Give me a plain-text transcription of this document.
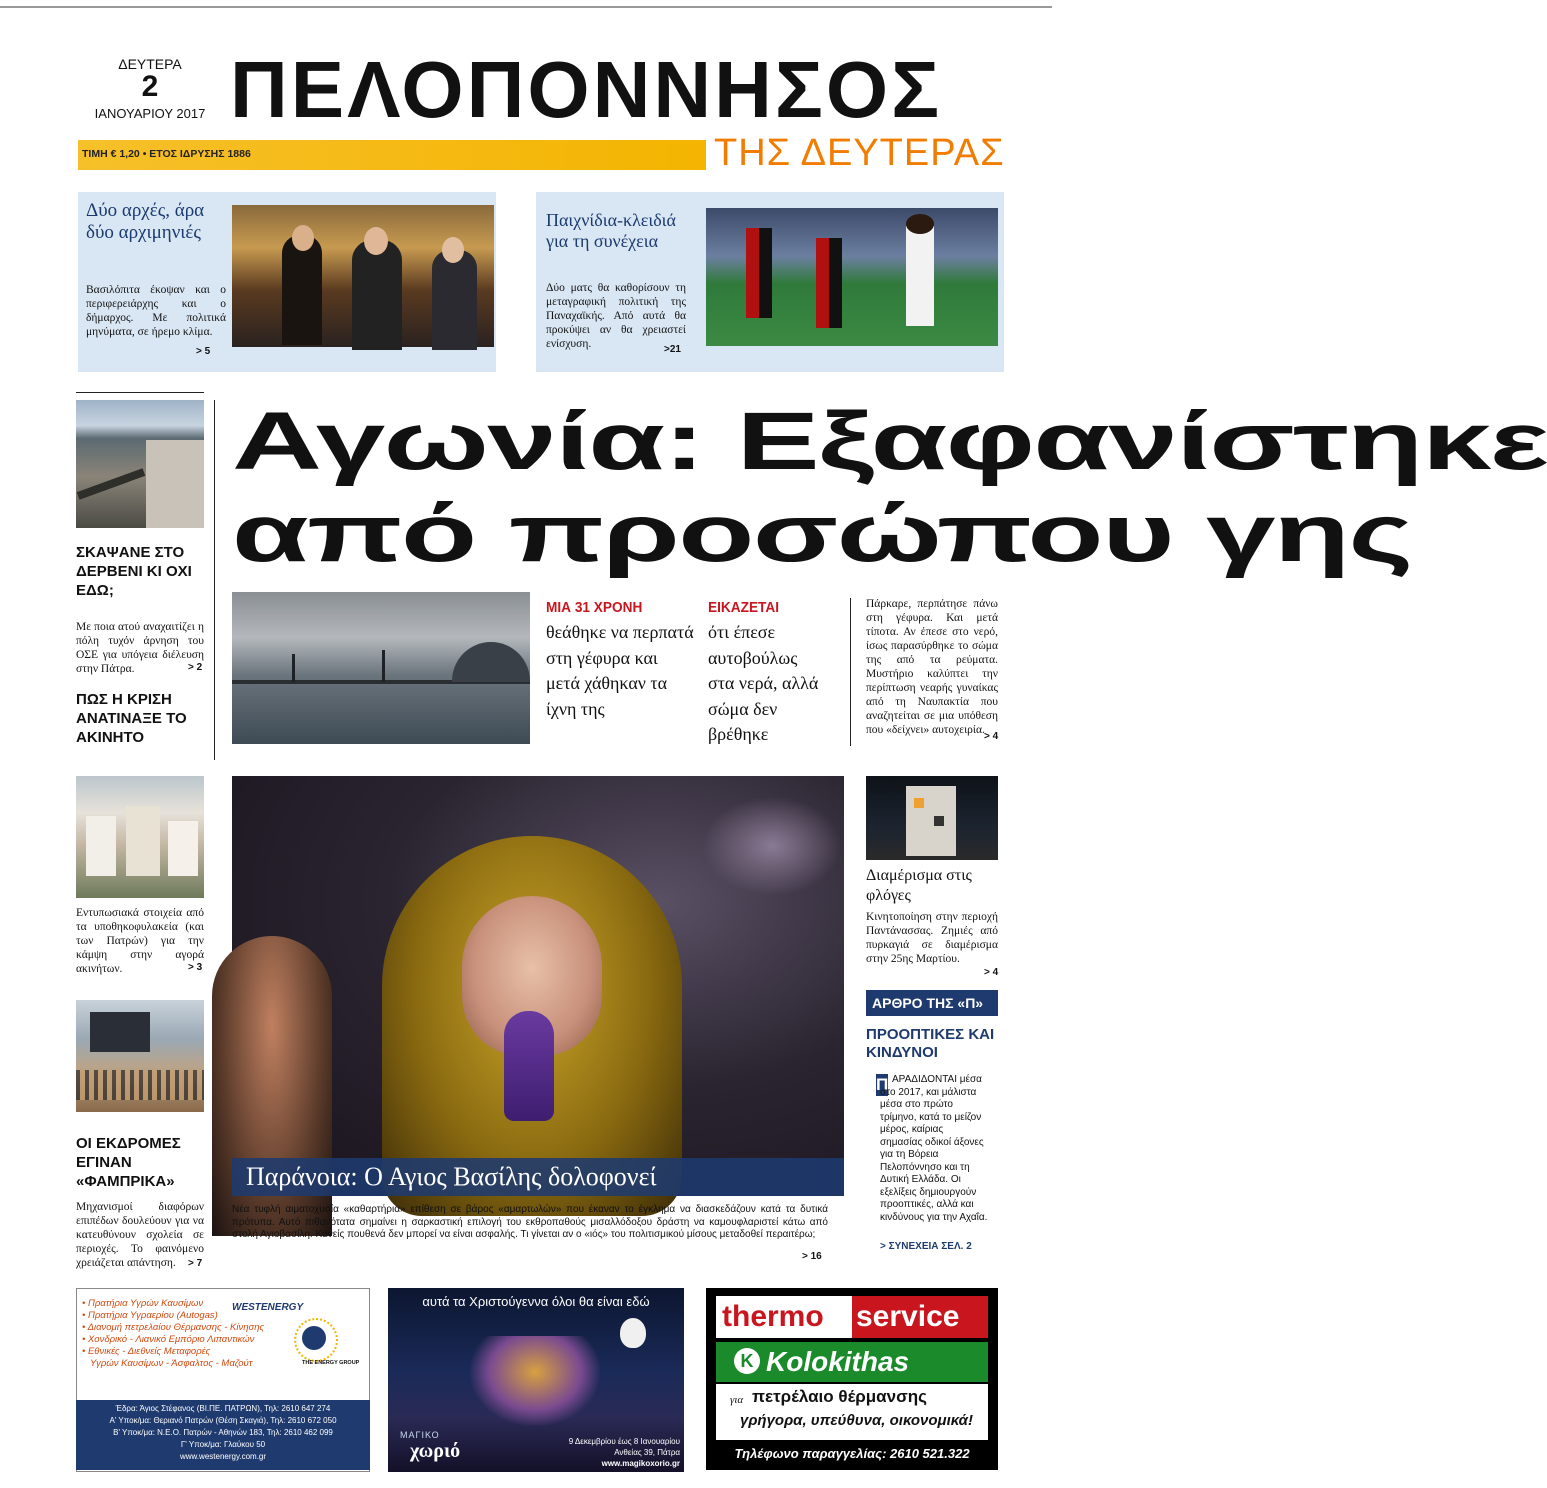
ΔΕΥΤΕΡΑ
2
ΙΑΝΟΥΑΡΙΟΥ 2017 ΠΕΛΟΠΟΝΝΗΣΟΣ
ΤΙΜΗ € 1,20 • ΕΤΟΣ ΙΔΡΥΣΗΣ 1886	ΤΗΣ ΔΕΥΤΕΡΑΣ
Δύο αρχές, άρα δύο αρχιμηνιές
Βασιλόπιτα έκοψαν και ο περιφερειάρχης και ο δήμαρχος. Με πολιτικά μηνύματα, σε ήρεμο κλίμα.
> 5
Παιχνίδια-κλειδιά για τη συνέχεια
Δύο ματς θα καθορίσουν τη μεταγραφική πολιτική της Παναχαϊκής. Από αυτά θα προκύψει αν θα χρειαστεί ενίσχυση.	>21
ΣΚΑΨΑΝΕ ΣΤΟ ΔΕΡΒΕΝΙ ΚΙ ΟΧΙ ΕΔΩ;
Με ποια ατού αναχαιτίζει η πόλη τυχόν άρνηση του ΟΣΕ για υπόγεια διέλευση στην Πάτρα.	> 2
ΠΩΣ Η ΚΡΙΣΗ ΑΝΑΤΙΝΑΞΕ ΤΟ ΑΚΙΝΗΤΟ
Εντυπωσιακά στοιχεία από τα υποθηκοφυλακεία (και των Πατρών) για την κάμψη στην αγορά ακινήτων.	> 3
ΟΙ ΕΚΔΡΟΜΕΣ ΕΓΙΝΑΝ «ΦΑΜΠΡΙΚΑ»
Μηχανισμοί διαφόρων επιπέδων δουλεύουν για να κατευθύνουν σχολεία σε περιοχές. Το φαινόμενο χρειάζεται απάντηση.	> 7
Αγωνία: Εξαφανίστηκε
από προσώπου γης
ΜΙΑ 31 ΧΡΟΝΗ
θεάθηκε να περπατά στη γέφυρα και μετά χάθηκαν τα ίχνη της
ΕΙΚΑΖΕΤΑΙ
ότι έπεσε αυτοβούλως στα νερά, αλλά σώμα δεν βρέθηκε
Πάρκαρε, περπάτησε πάνω στη γέφυρα. Και μετά τίποτα. Αν έπεσε στο νερό, ίσως παρασύρθηκε το σώμα της από τα ρεύματα. Μυστήριο καλύπτει την περίπτωση νεαρής γυναίκας από τη Ναυπακτία που αναζητείται σε μια υπόθεση που «δείχνει» αυτοχειρία.
> 4
Παράνοια: Ο Αγιος Βασίλης δολοφονεί
Νέα τυφλή αιματοχυσία «καθαρτήρια» επίθεση σε βάρος «αμαρτωλών» που έκαναν το έγκλημα να διασκεδάζουν κατά τα δυτικά πρότυπα. Αυτό πιθανότατα σημαίνει η σαρκαστική επιλογή του εκθροπαθούς μισαλλόδοξου δράστη να καμουφλαριστεί κάτω από στολή Αγιοβασίλη. Κανείς πουθενά δεν μπορεί να είναι ασφαλής. Τι γίνεται αν ο «ιός» του πολιτισμικού μίσους μεταδοθεί περαιτέρω;
> 16
Διαμέρισμα στις φλόγες
Κινητοποίηση στην περιοχή Παντάνασσας. Ζημιές από πυρκαγιά σε διαμέρισμα στην 25ης Μαρτίου.
> 4
ΑΡΘΡΟ ΤΗΣ «Π»
ΠΡΟΟΠΤΙΚΕΣ ΚΑΙ ΚΙΝΔΥΝΟΙ
Π ΑΡΑΔΙΔΟΝΤΑΙ μέσα στο 2017, και μάλιστα μέσα στο πρώτο τρίμηνο, κατά το μείζον μέρος, καίριας σημασίας οδικοί άξονες για τη Βόρεια Πελοπόννησο και τη Δυτική Ελλάδα. Οι εξελίξεις δημιουργούν προοπτικές, αλλά και κινδύνους για την Αχαΐα.
> ΣΥΝΕΧΕΙΑ ΣΕΛ. 2
• Πρατήρια Υγρών Καυσίμων
• Πρατήρια Υγραερίου (Autogas)
• Διανομή πετρελαίου Θέρμανσης - Κίνησης
• Χονδρικό - Λιανικό Εμπόριο Λιπαντικών
• Εθνικές - Διεθνείς Μεταφορές
Υγρών Καυσίμων - Άσφαλτος - Μαζούτ
WESTENERGY
THE ENERGY GROUP
Έδρα: Άγιος Στέφανος (ΒΙ.ΠΕ. ΠΑΤΡΩΝ), Τηλ: 2610 647 274
Α' Υποκ/μα: Θεριανό Πατρών (Θέση Σκαγιά), Τηλ: 2610 672 050
Β' Υποκ/μα: Ν.Ε.Ο. Πατρών - Αθηνών 183, Τηλ: 2610 462 099
Γ' Υποκ/μα: Γλαύκου 50
www.westenergy.com.gr
αυτά τα Χριστούγεννα όλοι θα είναι εδώ
ΜΑΓΙΚΟ
χωριό	9 Δεκεμβρίου έως 8 Ιανουαρίου
Ανθείας 39, Πάτρα
www.magikoxorio.gr
thermo service
K Kolokithas
για πετρέλαιο θέρμανσης
γρήγορα, υπεύθυνα, οικονομικά!
Τηλέφωνο παραγγελίας: 2610 521.322
